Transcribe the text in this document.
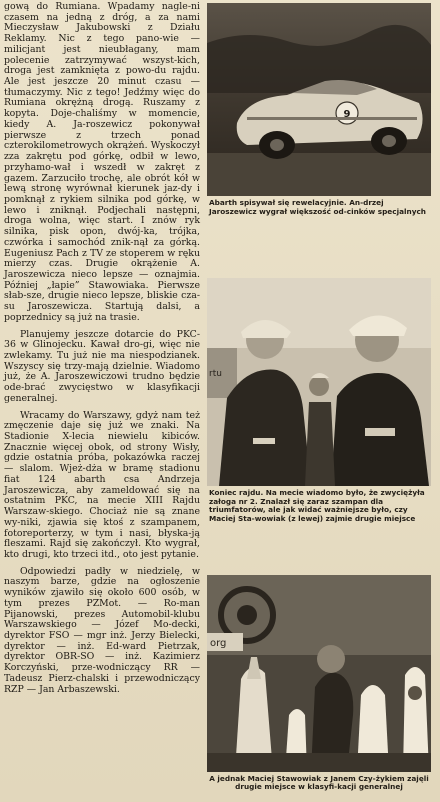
gową do Rumiana. Wpadamy nagle-ni czasem na jedną z dróg, a za nami Mieczysław Jakubowski z Działu Reklamy. Nic z tego pano-wie — milicjant jest nieubłagany, mam polecenie zatrzymywać wszyst-kich, droga jest zamknięta z powo-du rajdu. Ale jest jeszcze 20 minut czasu — tłumaczymy. Nic z tego! Jedźmy więc do Rumiana okrężną drogą. Ruszamy z kopyta. Doje-chaliśmy w momencie, kiedy A. Ja-roszewicz pokonywał pierwsze z trzech ponad czterokilometrowych okrążeń. Wyskoczył zza zakrętu pod górkę, odbił w lewo, przyhamo-wał i wszedł w zakręt z gazem. Zarzuciło trochę, ale obrót kół w lewą stronę wyrównał kierunek jaz-dy i pomknął z rykiem silnika pod górkę, w lewo i zniknął. Podjechali następni, droga wolna, więc start. I znów ryk silnika, pisk opon, dwój-ka, trójka, czwórka i samochód znik-nął za górką. Eugeniusz Pach z TV ze stoperem w ręku mierzy czas. Drugie okrążenie A. Jaroszewicza nieco lepsze — oznajmia. Później „łapie” Stawowiaka. Pierwsze słab-sze, drugie nieco lepsze, bliskie cza-su Jaroszewicza. Startują dalsi, a poprzednicy są już na trasie.

Planujemy jeszcze dotarcie do PKC-36 w Glinojecku. Kawał dro-gi, więc nie zwlekamy. Tu już nie ma niespodzianek. Wszyscy się trzy-mają dzielnie. Wiadomo już, że A. Jaroszewiczowi trudno będzie ode-brać zwycięstwo w klasyfikacji generalnej.

Wracamy do Warszawy, gdyż nam też zmęczenie daje się już we znaki. Na Stadionie X-lecia niewielu kibiców. Znacznie więcej obok, od strony Wisły, gdzie ostatnia próba, pokazówka raczej — slalom. Wjeż-dża w bramę stadionu fiat 124 abarth csa Andrzeja Jaroszewicza, aby zameldować się na ostatnim PKC, na mecie XIII Rajdu Warszaw-skiego. Chociaż nie są znane wy-niki, zjawia się ktoś z szampanem, fotoreporterzy, w tym i nasi, błyska-ją fleszami. Rajd się zakończył. Kto wygrał, kto drugi, kto trzeci itd., oto jest pytanie.

Odpowiedzi padły w niedzielę, w naszym barze, gdzie na ogłoszenie wyników zjawiło się około 600 osób, w tym prezes PZMot. — Ro-man Pijanowski, prezes Automobil-klubu Warszawskiego — Józef Mo-decki, dyrektor FSO — mgr inż. Jerzy Bielecki, dyrektor — inż. Ed-ward Pietrzak, dyrektor OBR-SO — inż. Kazimierz Korczyński, prze-wodniczący RR — Tadeusz Pierz-chalski i przewodniczący RZP — Jan Arbaszewski.

9
Abarth spisywał się rewelacyjnie. An-drzej Jaroszewicz wygrał większość od-cinków specjalnych
rtu
Koniec rajdu. Na mecie wiadomo było, że zwyciężyła załoga nr 2. Znalazł się zaraz szampan dla triumfatorów, ale jak widać ważniejsze było, czy Maciej Sta-wowiak (z lewej) zajmie drugie miejsce
org
A jednak Maciej Stawowiak z Janem Czy-żykiem zajęli drugie miejsce w klasyfi-kacji generalnej
